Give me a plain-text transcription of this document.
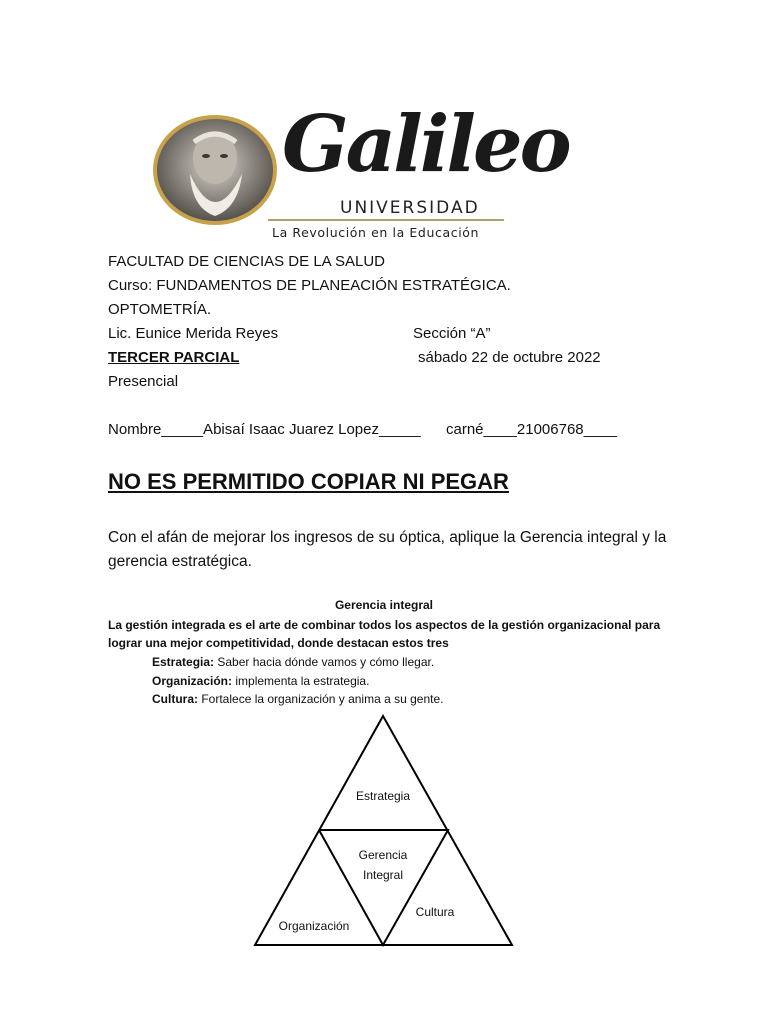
Galileo
UNIVERSIDAD
La Revolución en la Educación
FACULTAD DE CIENCIAS DE LA SALUD
Curso: FUNDAMENTOS DE PLANEACIÓN ESTRATÉGICA.
OPTOMETRÍA.
Lic. Eunice Merida Reyes	Sección “A”
TERCER PARCIAL	sábado 22 de octubre 2022
Presencial
Nombre_____Abisaí Isaac Juarez Lopez_____ carné____21006768____
NO ES PERMITIDO COPIAR NI PEGAR
Con el afán de mejorar los ingresos de su óptica, aplique la Gerencia integral y la gerencia estratégica.
Gerencia integral
La gestión integrada es el arte de combinar todos los aspectos de la gestión organizacional para
lograr una mejor competitividad, donde destacan estos tres
Estrategia: Saber hacia dónde vamos y cómo llegar.
Organización: implementa la estrategia.
Cultura: Fortalece la organización y anima a su gente.
Estrategia
Gerencia
Integral
Organización
Cultura
